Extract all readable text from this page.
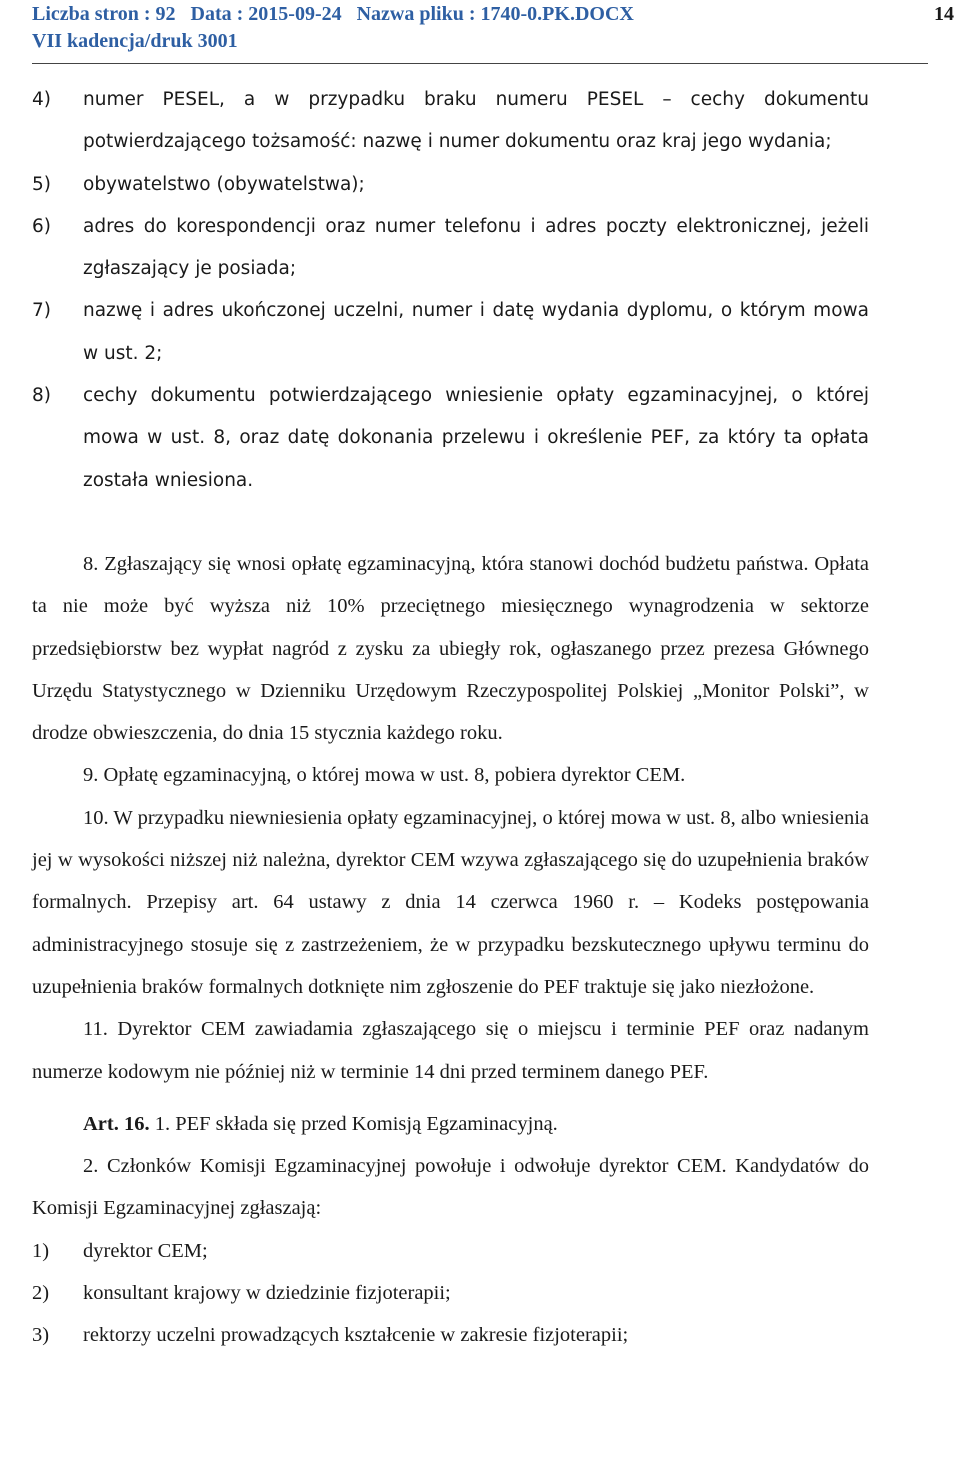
Liczba stron : 92   Data : 2015-09-24   Nazwa pliku : 1740-0.PK.DOCX
VII kadencja/druk 3001
14
4)	numer PESEL, a w przypadku braku numeru PESEL – cechy dokumentu potwierdzającego tożsamość: nazwę i numer dokumentu oraz kraj jego wydania;
5)	obywatelstwo (obywatelstwa);
6)	adres do korespondencji oraz numer telefonu i adres poczty elektronicznej, jeżeli zgłaszający je posiada;
7)	nazwę i adres ukończonej uczelni, numer i datę wydania dyplomu, o którym mowa w ust. 2;
8)	cechy dokumentu potwierdzającego wniesienie opłaty egzaminacyjnej, o której mowa w ust. 8, oraz datę dokonania przelewu i określenie PEF, za który ta opłata została wniesiona.
8. Zgłaszający się wnosi opłatę egzaminacyjną, która stanowi dochód budżetu państwa. Opłata ta nie może być wyższa niż 10% przeciętnego miesięcznego wynagrodzenia w sektorze przedsiębiorstw bez wypłat nagród z zysku za ubiegły rok, ogłaszanego przez prezesa Głównego Urzędu Statystycznego w Dzienniku Urzędowym Rzeczypospolitej Polskiej „Monitor Polski”, w drodze obwieszczenia, do dnia 15 stycznia każdego roku.
9. Opłatę egzaminacyjną, o której mowa w ust. 8, pobiera dyrektor CEM.
10. W przypadku niewniesienia opłaty egzaminacyjnej, o której mowa w ust. 8, albo wniesienia jej w wysokości niższej niż należna, dyrektor CEM wzywa zgłaszającego się do uzupełnienia braków formalnych. Przepisy art. 64 ustawy z dnia 14 czerwca 1960 r. – Kodeks postępowania administracyjnego stosuje się z zastrzeżeniem, że w przypadku bezskutecznego upływu terminu do uzupełnienia braków formalnych dotknięte nim zgłoszenie do PEF traktuje się jako niezłożone.
11. Dyrektor CEM zawiadamia zgłaszającego się o miejscu i terminie PEF oraz nadanym numerze kodowym nie później niż w terminie 14 dni przed terminem danego PEF.
Art. 16. 1. PEF składa się przed Komisją Egzaminacyjną.
2. Członków Komisji Egzaminacyjnej powołuje i odwołuje dyrektor CEM. Kandydatów do Komisji Egzaminacyjnej zgłaszają:
1)	dyrektor CEM;
2)	konsultant krajowy w dziedzinie fizjoterapii;
3)	rektorzy uczelni prowadzących kształcenie w zakresie fizjoterapii;
